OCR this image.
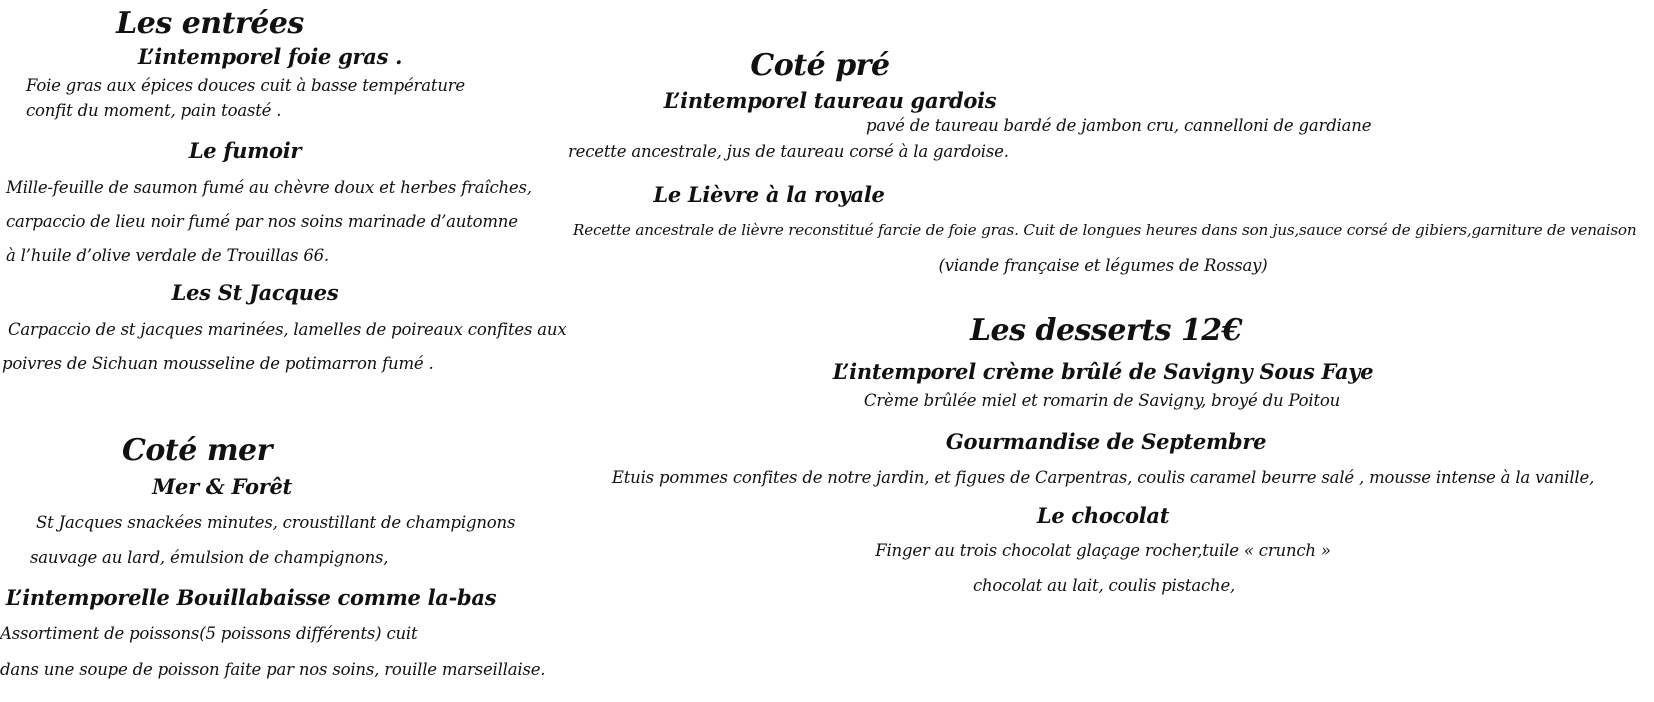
Les entrées
L’intemporel foie gras .
Foie gras aux épices douces cuit à basse température
confit du moment, pain toasté .
Le fumoir
Mille-feuille de saumon fumé au chèvre doux et herbes fraîches,
carpaccio de lieu noir fumé par nos soins marinade d’automne
à l’huile d’olive verdale de Trouillas 66.
Les St Jacques
Carpaccio de st jacques marinées, lamelles de poireaux confites aux
poivres de Sichuan mousseline de potimarron fumé .
Coté mer
Mer & Forêt
St Jacques snackées minutes, croustillant de champignons
sauvage au lard, émulsion de champignons,
L’intemporelle Bouillabaisse comme la-bas
Assortiment de poissons(5 poissons différents) cuit
dans une soupe de poisson faite par nos soins, rouille marseillaise.
Coté pré
L’intemporel taureau gardois
pavé de taureau bardé de jambon cru, cannelloni de gardiane
recette ancestrale, jus de taureau corsé à la gardoise.
Le Lièvre à la royale
Recette ancestrale de lièvre reconstitué farcie de foie gras. Cuit de longues heures dans son jus,sauce corsé de gibiers,garniture de venaison
(viande française et légumes de Rossay)
Les desserts 12€
L’intemporel crème brûlé de Savigny Sous Faye
Crème brûlée miel et romarin de Savigny, broyé du Poitou
Gourmandise de Septembre
Etuis pommes confites de notre jardin, et figues de Carpentras, coulis caramel beurre salé , mousse intense à la vanille,
Le chocolat
Finger au trois chocolat glaçage rocher,tuile « crunch »
chocolat au lait, coulis pistache,
